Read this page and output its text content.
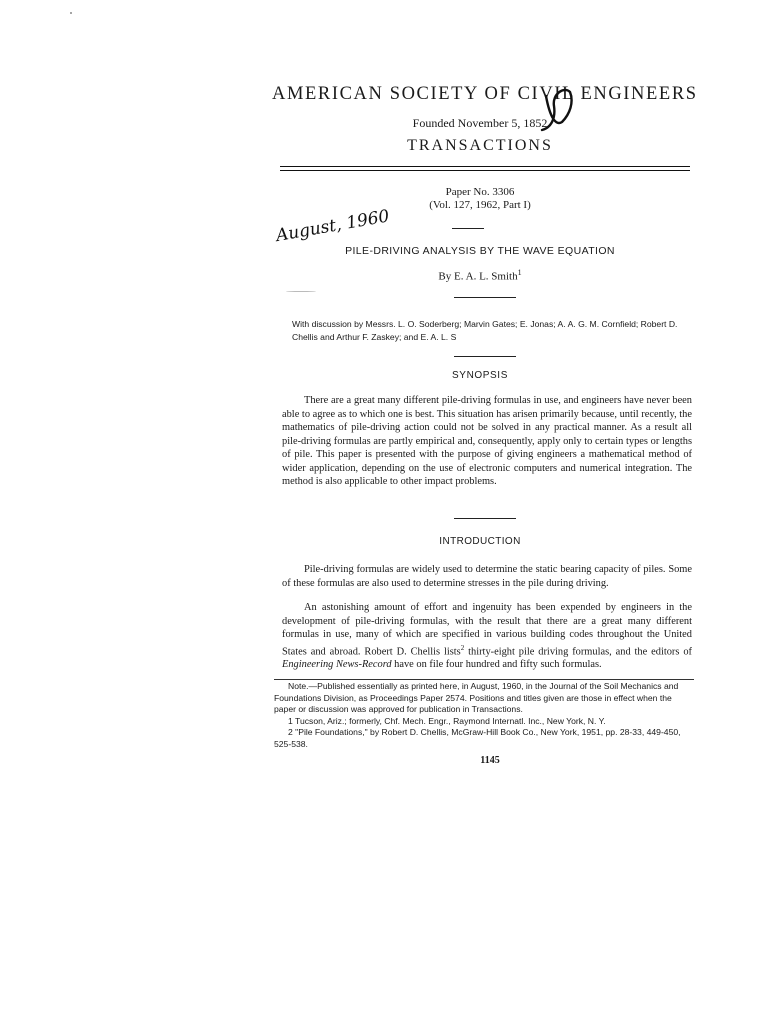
AMERICAN SOCIETY OF CIVIL ENGINEERS
Founded November 5, 1852
TRANSACTIONS
Paper No. 3306
(Vol. 127, 1962, Part I)
August, 1960
PILE-DRIVING ANALYSIS BY THE WAVE EQUATION
By E. A. L. Smith$^1$
With discussion by Messrs. L. O. Soderberg; Marvin Gates; E. Jonas; A. A. G. M. Cornfield; Robert D. Chellis and Arthur F. Zaskey; and E. A. L. S
SYNOPSIS
There are a great many different pile-driving formulas in use, and engineers have never been able to agree as to which one is best. This situation has arisen primarily because, until recently, the mathematics of pile-driving action could not be solved in any practical manner. As a result all pile-driving formulas are partly empirical and, consequently, apply only to certain types or lengths of pile. This paper is presented with the purpose of giving engineers a mathematical method of wider application, depending on the use of electronic computers and numerical integration. The method is also applicable to other impact problems.
INTRODUCTION
Pile-driving formulas are widely used to determine the static bearing capacity of piles. Some of these formulas are also used to determine stresses in the pile during driving.
An astonishing amount of effort and ingenuity has been expended by engineers in the development of pile-driving formulas, with the result that there are a great many different formulas in use, many of which are specified in various building codes throughout the United States and abroad. Robert D. Chellis lists$^2$ thirty-eight pile driving formulas, and the editors of Engineering News-Record have on file four hundred and fifty such formulas.
Note.—Published essentially as printed here, in August, 1960, in the Journal of the Soil Mechanics and Foundations Division, as Proceedings Paper 2574. Positions and titles given are those in effect when the paper or discussion was approved for publication in Transactions.
1 Tucson, Ariz.; formerly, Chf. Mech. Engr., Raymond Internatl. Inc., New York, N. Y.
2 "Pile Foundations," by Robert D. Chellis, McGraw-Hill Book Co., New York, 1951, pp. 28-33, 449-450, 525-538.
1145
